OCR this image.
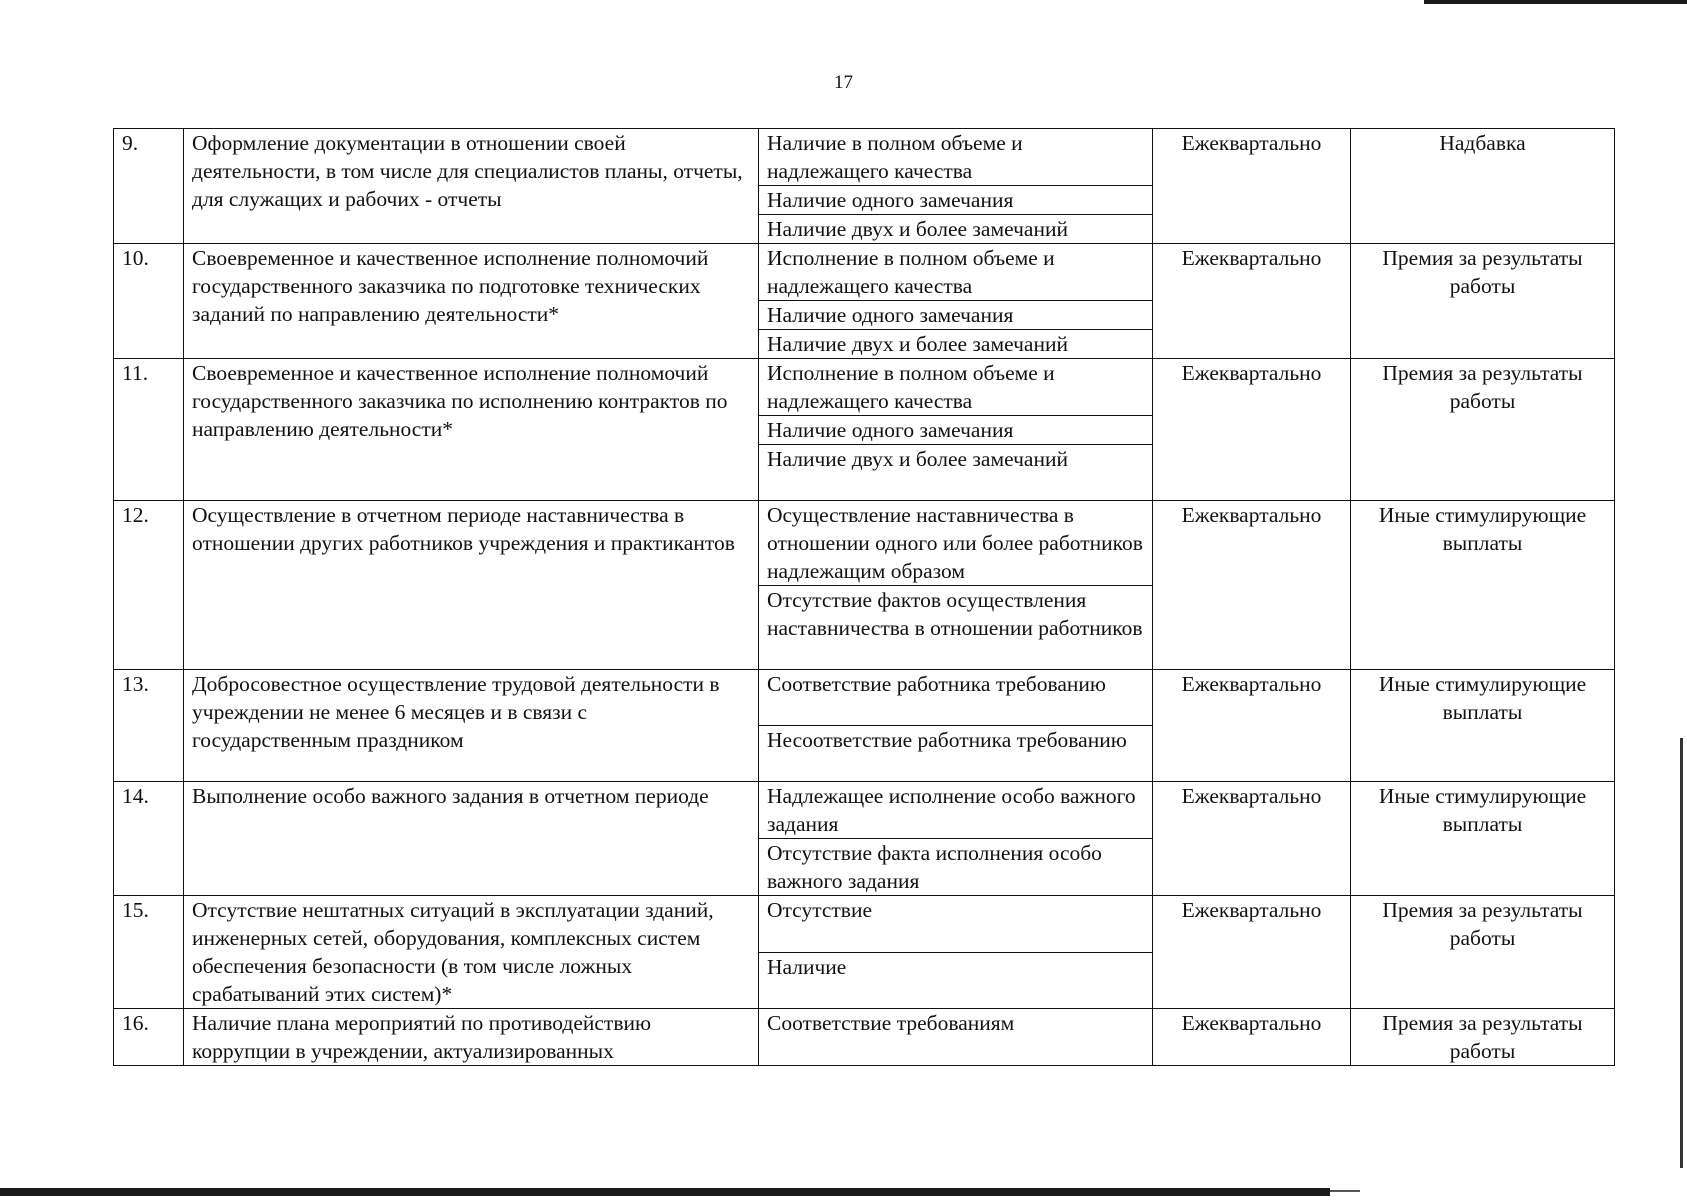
17
9.	Оформление документации в отношении своей деятельности, в том числе для специалистов планы, отчеты, для служащих и рабочих - отчеты	Наличие в полном объеме и надлежащего качества	Ежеквартально	Надбавка
		Наличие одного замечания		
		Наличие двух и более замечаний		
10.	Своевременное и качественное исполнение полномочий государственного заказчика по подготовке технических заданий по направлению деятельности*	Исполнение в полном объеме и надлежащего качества	Ежеквартально	Премия за результаты работы
		Наличие одного замечания		
		Наличие двух и более замечаний		
11.	Своевременное и качественное исполнение полномочий государственного заказчика по исполнению контрактов по направлению деятельности*	Исполнение в полном объеме и надлежащего качества	Ежеквартально	Премия за результаты работы
		Наличие одного замечания		
		Наличие двух и более замечаний		
12.	Осуществление в отчетном периоде наставничества в отношении других работников учреждения и практикантов	Осуществление наставничества в отношении одного или более работников надлежащим образом	Ежеквартально	Иные стимулирующие выплаты
		Отсутствие фактов осуществления наставничества в отношении работников		
13.	Добросовестное осуществление трудовой деятельности в учреждении не менее 6 месяцев и в связи с государственным праздником	Соответствие работника требованию	Ежеквартально	Иные стимулирующие выплаты
		Несоответствие работника требованию		
14.	Выполнение особо важного задания в отчетном периоде	Надлежащее исполнение особо важного задания	Ежеквартально	Иные стимулирующие выплаты
		Отсутствие факта исполнения особо важного задания		
15.	Отсутствие нештатных ситуаций в эксплуатации зданий, инженерных сетей, оборудования, комплексных систем обеспечения безопасности (в том числе ложных срабатываний этих систем)*	Отсутствие	Ежеквартально	Премия за результаты работы
		Наличие		
16.	Наличие плана мероприятий по противодействию коррупции в учреждении, актуализированных	Соответствие требованиям	Ежеквартально	Премия за результаты работы
